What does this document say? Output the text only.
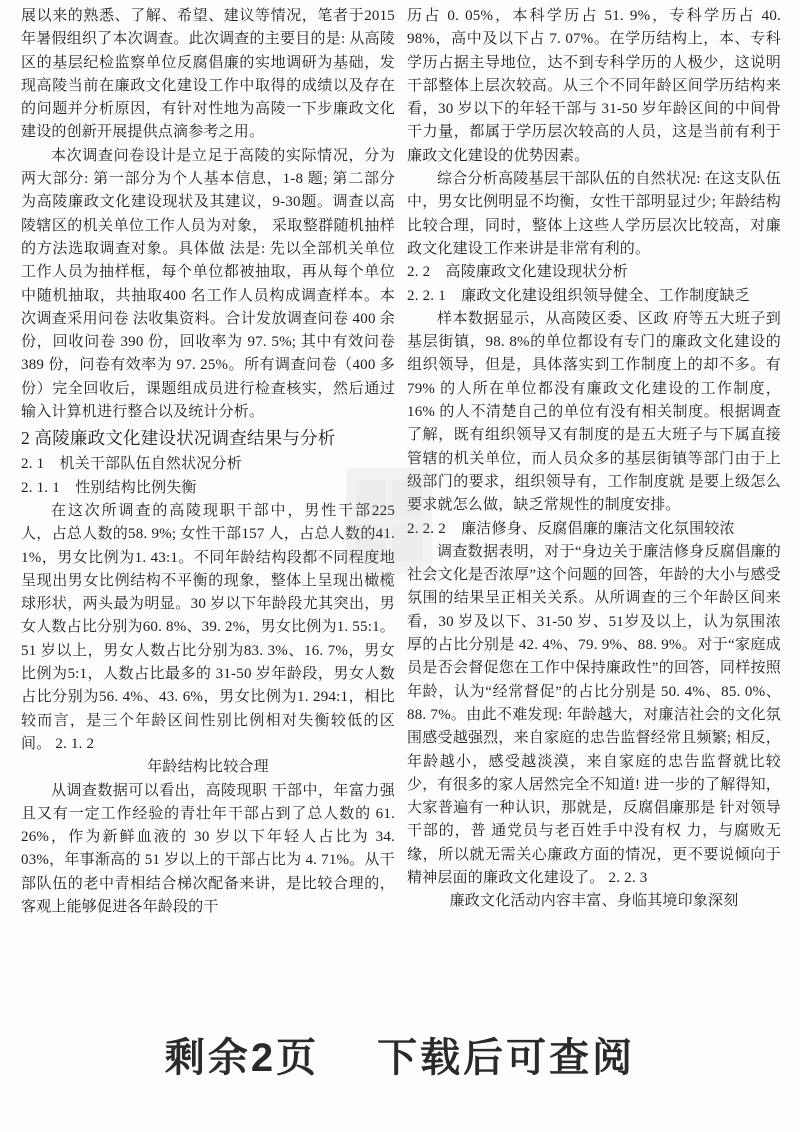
展以来的熟悉、了解、希望、建议等情况，笔者于2015 年暑假组织了本次调查。此次调查的主要目的是: 从高陵区的基层纪检监察单位反腐倡廉的实地调研为基础，发现高陵当前在廉政文化建设工作中取得的成绩以及存在的问题并分析原因，有针对性地为高陵一下步廉政文化建设的创新开展提供点滴参考之用。
本次调查问卷设计是立足于高陵的实际情况，分为两大部分: 第一部分为个人基本信息，1-8 题; 第二部分为高陵廉政文化建设现状及其建议，9-30题。调查以高陵辖区的机关单位工作人员为对象， 采取整群随机抽样的方法选取调查对象。具体做 法是: 先以全部机关单位工作人员为抽样框，每个单位都被抽取，再从每个单位中随机抽取，共抽取400 名工作人员构成调查样本。本次调查采用问卷 法收集资料。合计发放调查问卷 400 余份，回收问卷 390 份，回收率为 97. 5%; 其中有效问卷 389 份，问卷有效率为 97. 25%。所有调查问卷（400 多 份）完全回收后，课题组成员进行检查核实，然后通过输入计算机进行整合以及统计分析。
2 高陵廉政文化建设状况调查结果与分析
2. 1　机关干部队伍自然状况分析
2. 1. 1　性别结构比例失衡
在这次所调查的高陵现职干部中，男性干部225 人，占总人数的58. 9%; 女性干部157 人，占总人数的41. 1%，男女比例为1. 43:1。不同年龄结构段都不同程度地呈现出男女比例结构不平衡的现象，整体上呈现出橄榄球形状，两头最为明显。30 岁以下年龄段尤其突出，男女人数占比分别为60. 8%、39. 2%，男女比例为1. 55:1。51 岁以上，男女人数占比分别为83. 3%、16. 7%，男女比例为5:1，人数占比最多的 31-50 岁年龄段，男女人数占比分别为56. 4%、43. 6%，男女比例为1. 294:1，相比较而言，是三个年龄区间性别比例相对失衡较低的区间。 2. 1. 2
年龄结构比较合理
从调查数据可以看出，高陵现职 干部中，年富力强且又有一定工作经验的青壮年干部占到了总人数的 61. 26%，作为新鲜血液的 30 岁以下年轻人占比为 34. 03%，年事渐高的 51 岁以上的干部占比为 4. 71%。从干部队伍的老中青相结合梯次配备来讲，是比较合理的，客观上能够促进各年龄段的干
历占 0. 05%，本科学历占 51. 9%，专科学历占 40. 98%，高中及以下占 7. 07%。在学历结构上，本、专科学历占据主导地位，达不到专科学历的人极少，这说明干部整体上层次较高。从三个不同年龄区间学历结构来看，30 岁以下的年轻干部与 31-50 岁年龄区间的中间骨干力量，都属于学历层次较高的人员，这是当前有利于廉政文化建设的优势因素。
综合分析高陵基层干部队伍的自然状况: 在这支队伍中，男女比例明显不均衡，女性干部明显过少; 年龄结构比较合理，同时，整体上这些人学历层次比较高，对廉政文化建设工作来讲是非常有利的。
2. 2　高陵廉政文化建设现状分析
2. 2. 1　廉政文化建设组织领导健全、工作制度缺乏
样本数据显示，从高陵区委、区政 府等五大班子到基层街镇，98. 8%的单位都设有专门的廉政文化建设的组织领导，但是，具体落实到工作制度上的却不多。有 79% 的人所在单位都没有廉政文化建设的工作制度，16% 的人不清楚自己的单位有没有相关制度。根据调查了解，既有组织领导又有制度的是五大班子与下属直接管辖的机关单位，而人员众多的基层街镇等部门由于上级部门的要求，组织领导有，工作制度就 是要上级怎么要求就怎么做，缺乏常规性的制度安排。
2. 2. 2　廉洁修身、反腐倡廉的廉洁文化氛围较浓
调查数据表明，对于“身边关于廉洁修身反腐倡廉的社会文化是否浓厚”这个问题的回答，年龄的大小与感受氛围的结果呈正相关关系。从所调查的三个年龄区间来看，30 岁及以下、31-50 岁、51岁及以上，认为氛围浓厚的占比分别是 42. 4%、79. 9%、88. 9%。对于“家庭成员是否会督促您在工作中保持廉政性”的回答，同样按照年龄，认为“经常督促”的占比分别是 50. 4%、85. 0%、88. 7%。由此不难发现: 年龄越大，对廉洁社会的文化氛围感受越强烈，来自家庭的忠告监督经常且频繁; 相反，年龄越小，感受越淡漠，来自家庭的忠告监督就比较少，有很多的家人居然完全不知道! 进一步的了解得知，大家普遍有一种认识，那就是，反腐倡廉那是 针对领导干部的，普 通党员与老百姓手中没有权 力，与腐败无缘，所以就无需关心廉政方面的情况，更不要说倾向于精神层面的廉政文化建设了。 2. 2. 3
廉政文化活动内容丰富、身临其境印象深刻
剩余2页 下载后可查阅
